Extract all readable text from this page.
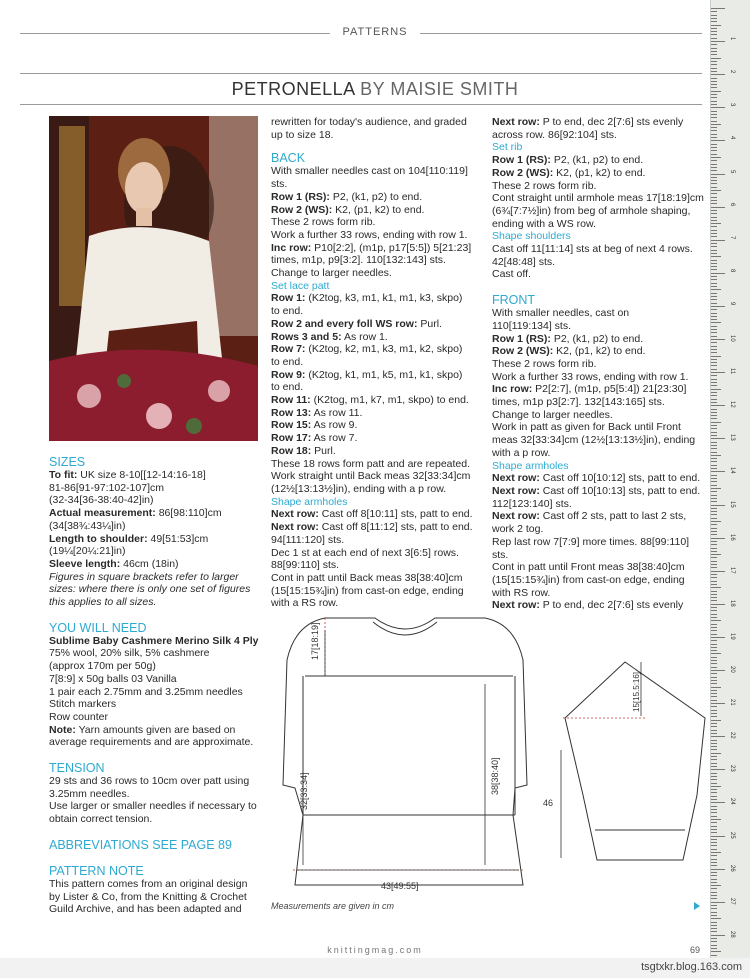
PATTERNS
PETRONELLA BY MAISIE SMITH

SIZES

To fit: UK size 8-10[[12-14:16-18]

81-86[91-97:102-107]cm

(32-34[36-38:40-42]in)

Actual measurement: 86[98:110]cm

(34[38¾:43¼]in)

Length to shoulder: 49[51:53]cm

(19¼[20¼:21]in)

Sleeve length: 46cm (18in)

Figures in square brackets refer to larger

sizes: where there is only one set of figures

this applies to all sizes.

YOU WILL NEED

Sublime Baby Cashmere Merino Silk 4 Ply

75% wool, 20% silk, 5% cashmere

(approx 170m per 50g)

7[8:9] x 50g balls 03 Vanilla

1 pair each 2.75mm and 3.25mm needles

Stitch markers

Row counter

Note: Yarn amounts given are based on

average requirements and are approximate.

TENSION

29 sts and 36 rows to 10cm over patt using

3.25mm needles.

Use larger or smaller needles if necessary to

obtain correct tension.

ABBREVIATIONS SEE PAGE 89

PATTERN NOTE

This pattern comes from an original design

by Lister & Co, from the Knitting & Crochet

Guild Archive, and has been adapted and

rewritten for today's audience, and graded

up to size 18.

BACK

With smaller needles cast on 104[110:119] sts.

Row 1 (RS): P2, (k1, p2) to end.

Row 2 (WS): K2, (p1, k2) to end.

These 2 rows form rib.

Work a further 33 rows, ending with row 1.

Inc row: P10[2:2], (m1p, p17[5:5]) 5[21:23]

times, m1p, p9[3:2]. 110[132:143] sts.

Change to larger needles.

Set lace patt

Row 1: (K2tog, k3, m1, k1, m1, k3, skpo)

to end.

Row 2 and every foll WS row: Purl.

Rows 3 and 5: As row 1.

Row 7: (K2tog, k2, m1, k3, m1, k2, skpo)

to end.

Row 9: (K2tog, k1, m1, k5, m1, k1, skpo)

to end.

Row 11: (K2tog, m1, k7, m1, skpo) to end.

Row 13: As row 11.

Row 15: As row 9.

Row 17: As row 7.

Row 18: Purl.

These 18 rows form patt and are repeated.

Work straight until Back meas 32[33:34]cm

(12½[13:13½]in), ending with a p row.

Shape armholes

Next row: Cast off 8[10:11] sts, patt to end.

Next row: Cast off 8[11:12] sts, patt to end.

94[111:120] sts.

Dec 1 st at each end of next 3[6:5] rows.

88[99:110] sts.

Cont in patt until Back meas 38[38:40]cm

(15[15:15¾]in) from cast-on edge, ending

with a RS row.

Next row: P to end, dec 2[7:6] sts evenly

across row. 86[92:104] sts.

Set rib

Row 1 (RS): P2, (k1, p2) to end.

Row 2 (WS): K2, (p1, k2) to end.

These 2 rows form rib.

Cont straight until armhole meas 17[18:19]cm

(6¾[7:7½]in) from beg of armhole shaping,

ending with a WS row.

Shape shoulders

Cast off 11[11:14] sts at beg of next 4 rows.

42[48:48] sts.

Cast off.

FRONT

With smaller needles, cast on

110[119:134] sts.

Row 1 (RS): P2, (k1, p2) to end.

Row 2 (WS): K2, (p1, k2) to end.

These 2 rows form rib.

Work a further 33 rows, ending with row 1.

Inc row: P2[2:7], (m1p, p5[5:4]) 21[23:30]

times, m1p p3[2:7]. 132[143:165] sts.

Change to larger needles.

Work in patt as given for Back until Front

meas 32[33:34]cm (12½[13:13½]in), ending

with a p row.

Shape armholes

Next row: Cast off 10[10:12] sts, patt to end.

Next row: Cast off 10[10:13] sts, patt to end.

112[123:140] sts.

Next row: Cast off 2 sts, patt to last 2 sts,

work 2 tog.

Rep last row 7[7:9] more times. 88[99:110] sts.

Cont in patt until Front meas 38[38:40]cm

(15[15:15¾]in) from cast-on edge, ending

with RS row.

Next row: P to end, dec 2[7:6] sts evenly

17[18:19]
32[33:34]	38[38:40]
43[49:55]
46
15[15.5:16]
Measurements are given in cm
1
2
3
4
5
6
7
8
9
10
11
12
13
14
15
16
17
18
19
20
21
22
23
24
25
26
27
28
knittingmag.com	69
tsgtxkr.blog.163.com
